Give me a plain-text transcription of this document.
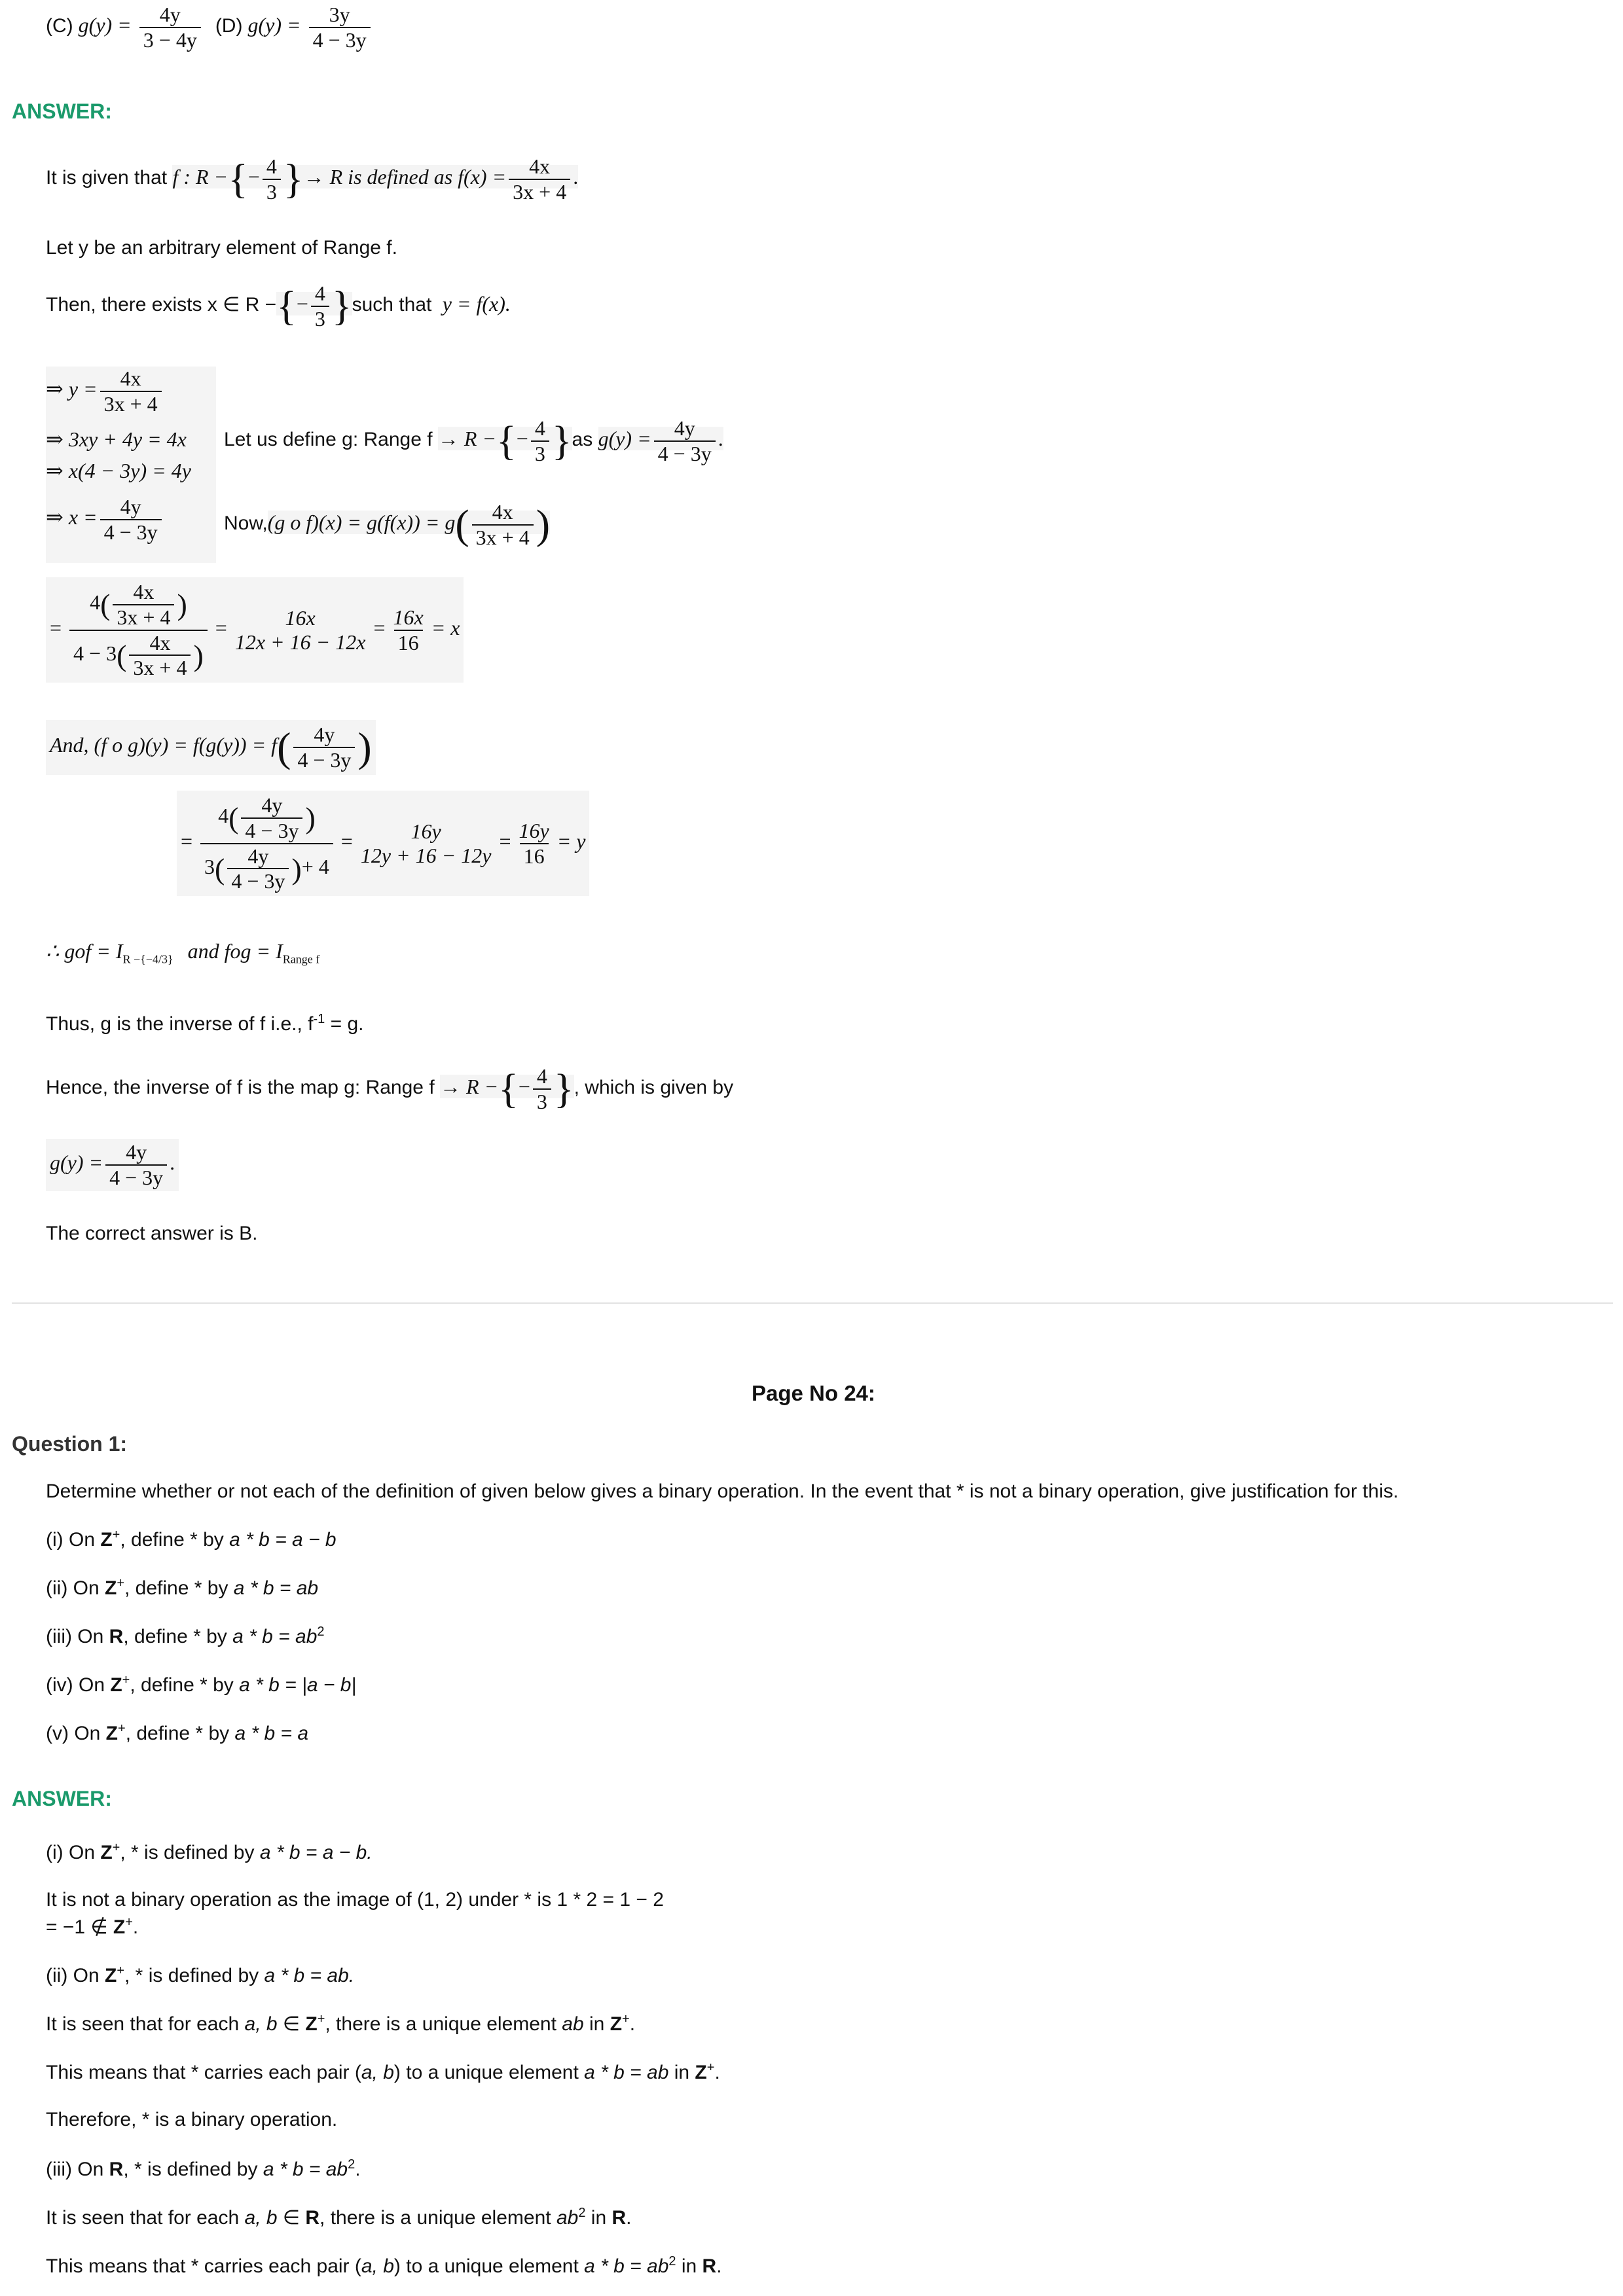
(C) $g(y) = \frac{4y}{3 - 4y} (D) g(y) = \frac{3y}{4 - 3y}$
ANSWER:
It is given that f : R −{− $\frac{4}{3}$ }→ R is defined as $f(x) = \frac{4x}{3x + 4}$ .
Let y be an arbitrary element of Range f.
Then, there exists x ∈ R −{− $\frac{4}{3}$ }such that y = f(x).
⇒ $y = \frac{4x}{3x + 4}$
⇒ 3xy + 4y = 4x
⇒ x(4 − 3y) = 4y
⇒ $x = \frac{4y}{4 - 3y}$
Let us define g: Range f → R −{− $\frac{4}{3} \}as$ $g(y) = \frac{4y}{4 - 3y}$ .
Now,(g o $f)(x) = g(f(x)) = g( \frac{4x}{3x + 4}$ )
= $\frac{4( \frac{4x}{3x + 4} )}{4 - 3( \frac{4x}{3x + 4} )}$ =	16x
12x + 16 − 12x
= $\frac{16x}{16} = x$
And, (f o $g)(y) = f(g(y)) = f( \frac{4y}{4 - 3y}$ )
= $\frac{4( \frac{4y}{4 - 3y} )}{3( \frac{4y}{4 - 3y} )+ 4}$ =	16y
12y + 16 − 12y
= $\frac{16y}{16} = y$
∴ gof = $I_{R -\{-4/3\}}$ and fog = $I_{Range f}$
Thus, g is the inverse of f i.e., $f^{-1} = g$.
Hence, the inverse of f is the map g: Range f → R −{− $\frac{4}{3}$ }, which is given by
$g(y) = \frac{4y}{4 - 3y}$ .
The correct answer is B.
Page No 24:
Question 1:
Determine whether or not each of the definition of given below gives a binary operation. In the event that * is not a binary operation, give justification for this.
(i) On Z+, define * by a * b = a − b
(ii) On Z+, define * by a * b = ab
(iii) On R, define * by $a * b = ab^2$
(iv) On Z+, define * by a * b = |a − b|
(v) On Z+, define * by a * b = a
ANSWER:
(i) On Z+, * is defined by a * b = a − b.
It is not a binary operation as the image of (1, 2) under * is 1 * 2 = 1 − 2
= −1 ∉ Z+.
(ii) On Z+, * is defined by a * b = ab.
It is seen that for each a, b ∈ Z+, there is a unique element ab in Z+.
This means that * carries each pair (a, b) to a unique element a * b = ab in Z+.
Therefore, * is a binary operation.
(iii) On R, * is defined by $a * b = ab^2$.
It is seen that for each a, b ∈ R, there is a unique element $ab^2$ in R.
This means that * carries each pair (a, b) to a unique element $a * b = ab^2$ in R.
